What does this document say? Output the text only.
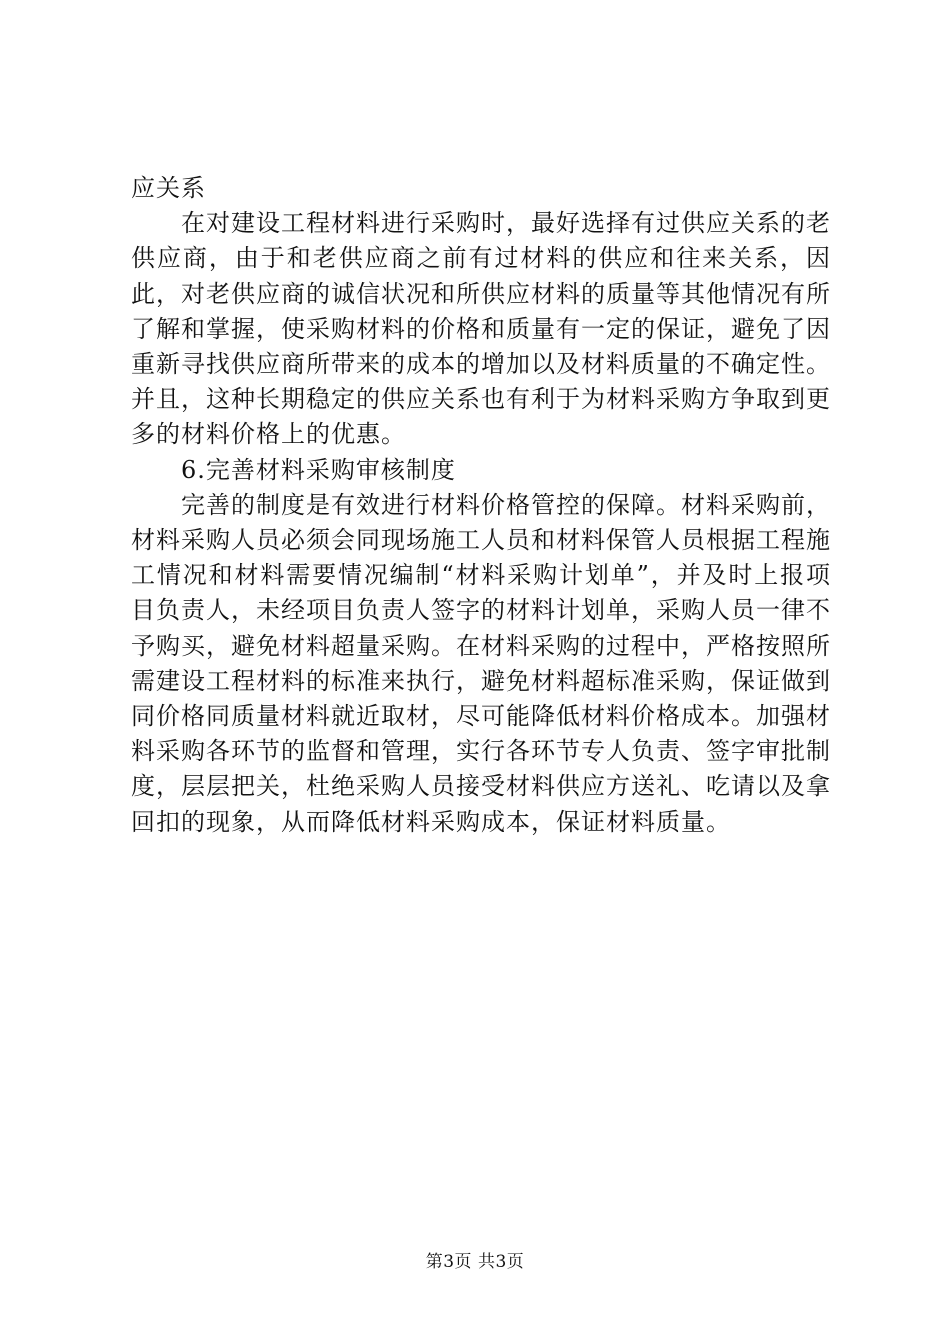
应关系

在对建设工程材料进行采购时，最好选择有过供应关系的老供应商，由于和老供应商之前有过材料的供应和往来关系，因此，对老供应商的诚信状况和所供应材料的质量等其他情况有所了解和掌握，使采购材料的价格和质量有一定的保证，避免了因重新寻找供应商所带来的成本的增加以及材料质量的不确定性。并且，这种长期稳定的供应关系也有利于为材料采购方争取到更多的材料价格上的优惠。

6.完善材料采购审核制度

完善的制度是有效进行材料价格管控的保障。材料采购前，材料采购人员必须会同现场施工人员和材料保管人员根据工程施工情况和材料需要情况编制“材料采购计划单”，并及时上报项目负责人，未经项目负责人签字的材料计划单，采购人员一律不予购买，避免材料超量采购。在材料采购的过程中，严格按照所需建设工程材料的标准来执行，避免材料超标准采购，保证做到同价格同质量材料就近取材，尽可能降低材料价格成本。加强材料采购各环节的监督和管理，实行各环节专人负责、签字审批制度，层层把关，杜绝采购人员接受材料供应方送礼、吃请以及拿回扣的现象，从而降低材料采购成本，保证材料质量。

第3页 共3页
